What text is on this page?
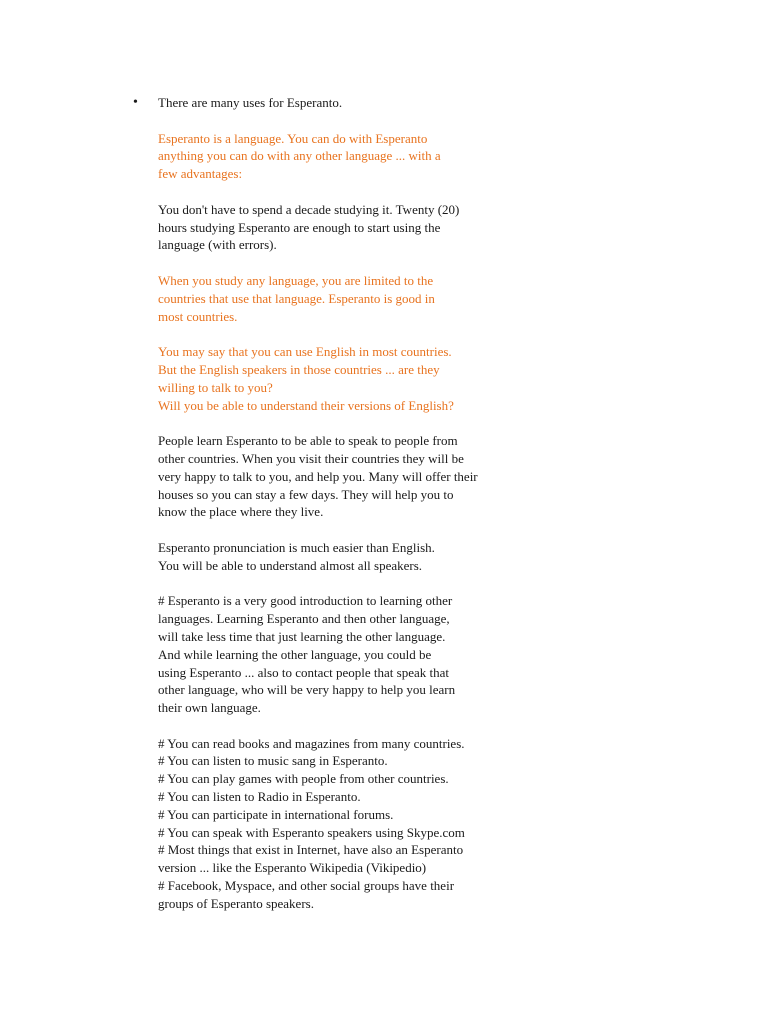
• There are many uses for Esperanto.
Esperanto is a language. You can do with Esperanto
anything you can do with any other language ... with a
few advantages:
You don't have to spend a decade studying it. Twenty (20)
hours studying Esperanto are enough to start using the
language (with errors).
When you study any language, you are limited to the
countries that use that language. Esperanto is good in
most countries.
You may say that you can use English in most countries.
But the English speakers in those countries ... are they
willing to talk to you?
Will you be able to understand their versions of English?
People learn Esperanto to be able to speak to people from
other countries. When you visit their countries they will be
very happy to talk to you, and help you. Many will offer their
houses so you can stay a few days. They will help you to
know the place where they live.
Esperanto pronunciation is much easier than English.
You will be able to understand almost all speakers.
# Esperanto is a very good introduction to learning other
languages. Learning Esperanto and then other language,
will take less time that just learning the other language.
And while learning the other language, you could be
using Esperanto ... also to contact people that speak that
other language, who will be very happy to help you learn
their own language.
# You can read books and magazines from many countries.
# You can listen to music sang in Esperanto.
# You can play games with people from other countries.
# You can listen to Radio in Esperanto.
# You can participate in international forums.
# You can speak with Esperanto speakers using Skype.com
# Most things that exist in Internet, have also an Esperanto
version ... like the Esperanto Wikipedia (Vikipedio)
# Facebook, Myspace, and other social groups have their
groups of Esperanto speakers.
